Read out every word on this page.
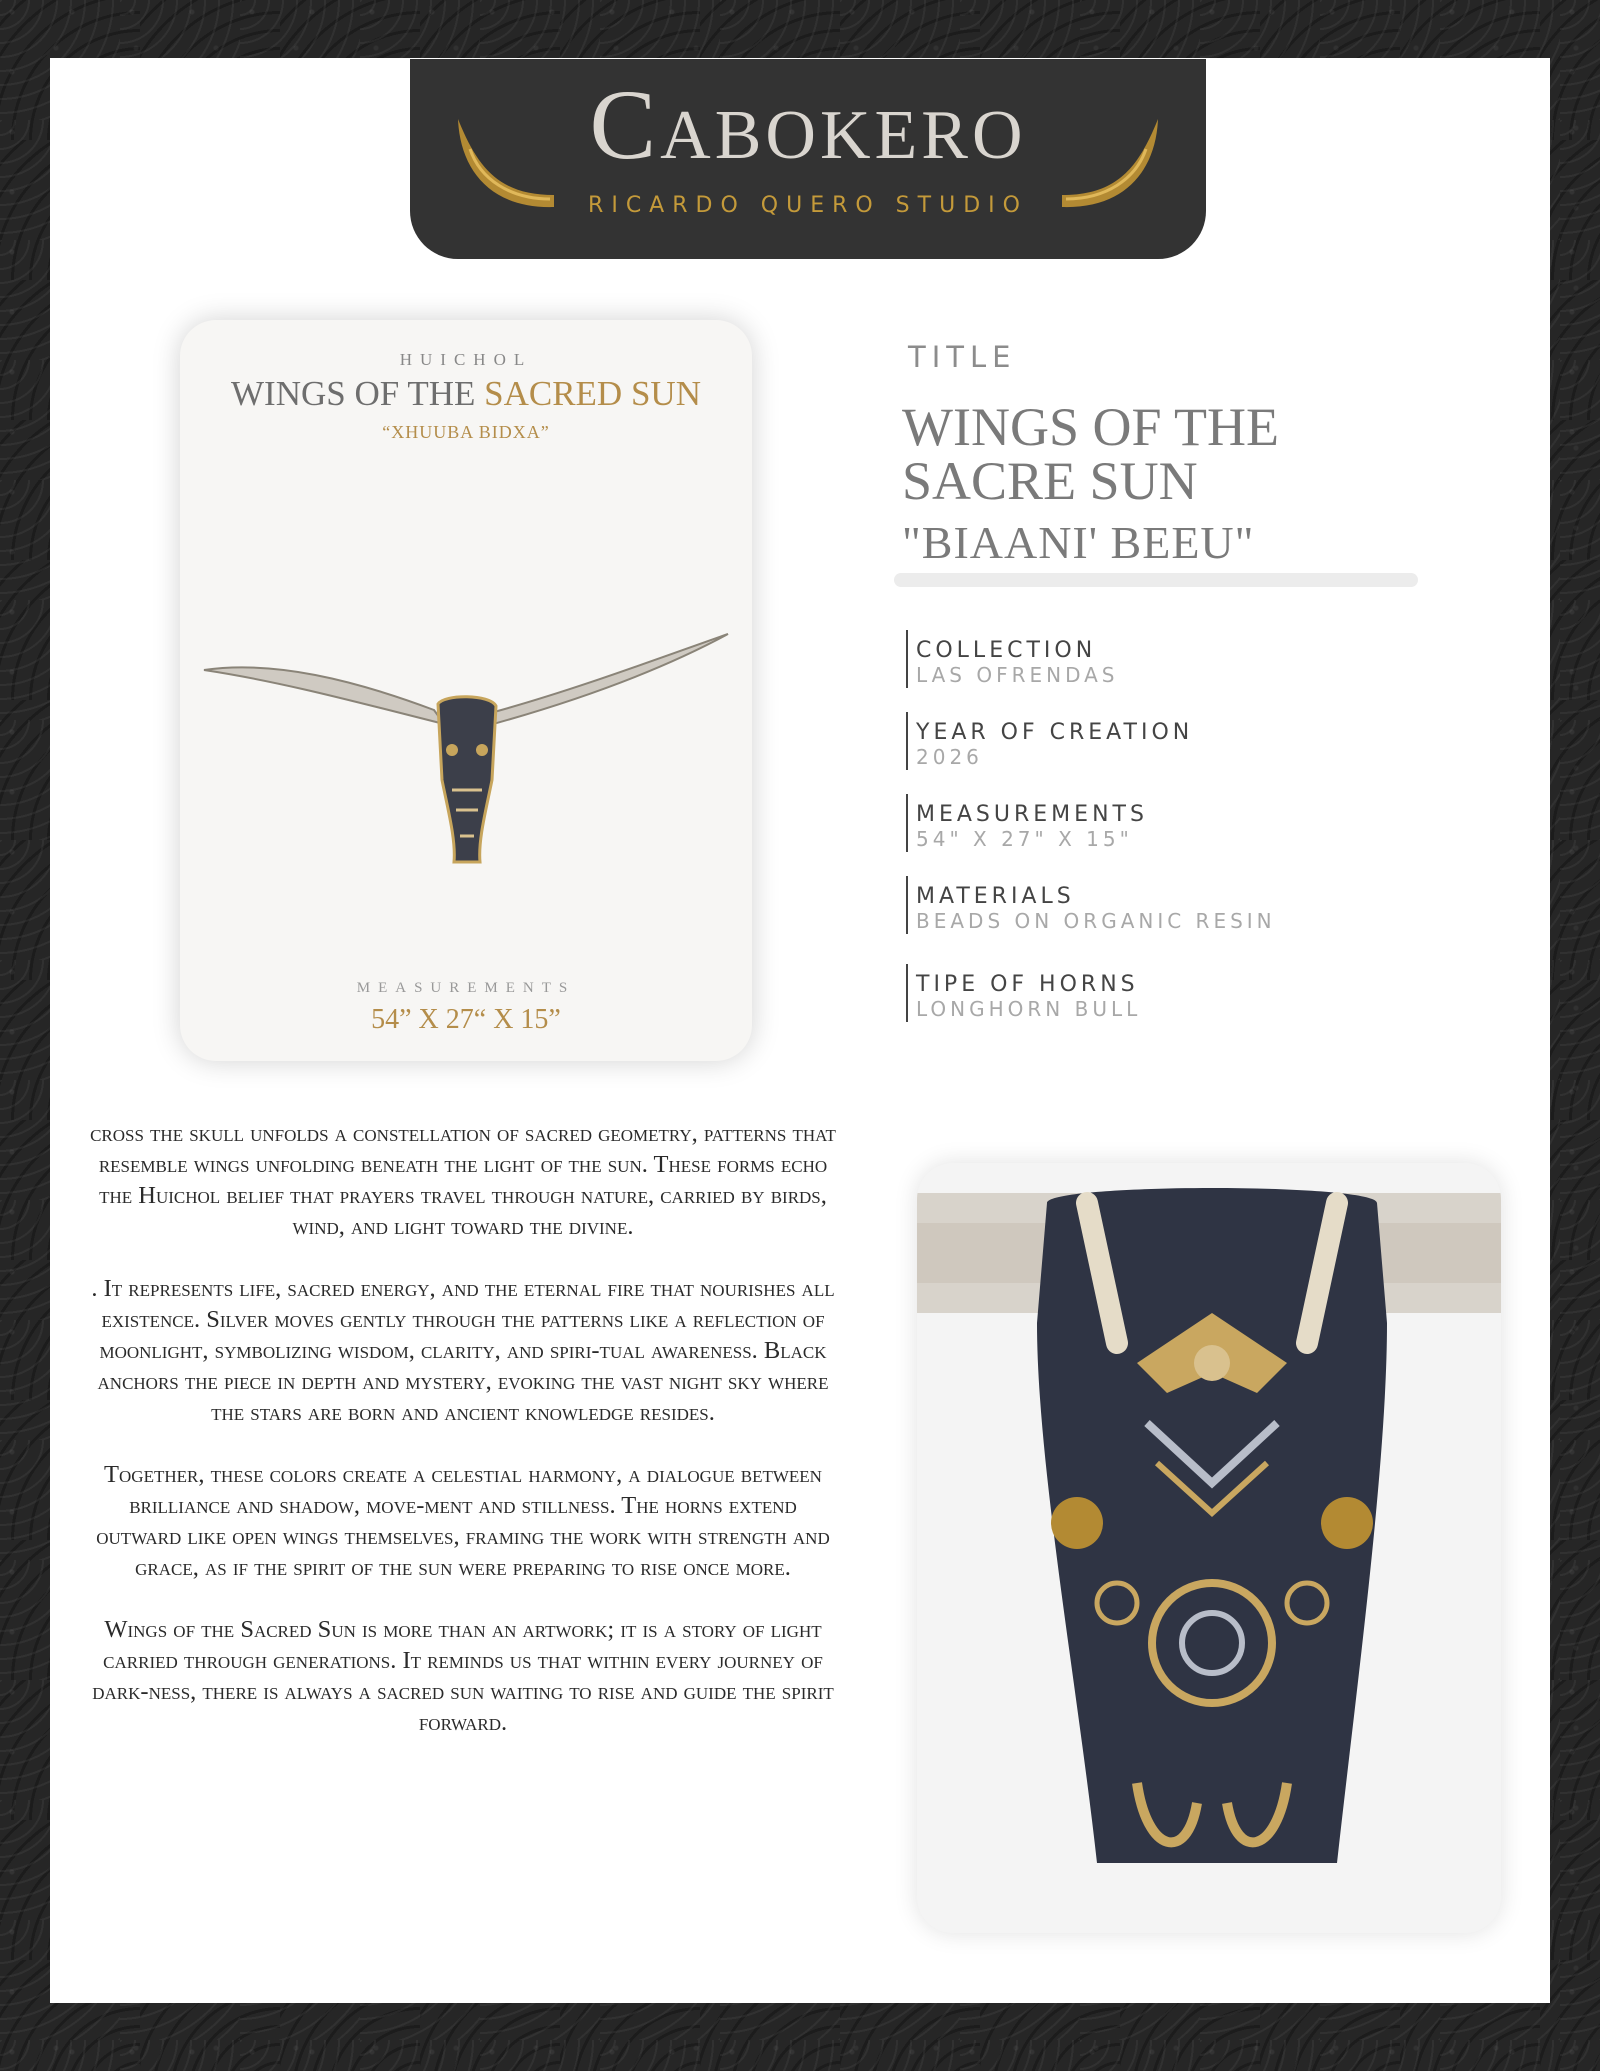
Cabokero
RICARDO QUERO STUDIO
HUICHOL
WINGS OF THE SACRED SUN
“XHUUBA BIDXA”
MEASUREMENTS
54” X 27“ X 15”
TITLE
WINGS OF THE
SACRE SUN
"BIAANI' BEEU"
COLLECTION
LAS OFRENDAS
YEAR OF CREATION
2026
MEASUREMENTS
54" X 27" X 15"
MATERIALS
BEADS ON ORGANIC RESIN
TIPE OF HORNS
LONGHORN BULL

cross the skull unfolds a constellation of sacred geometry, patterns that resemble wings unfolding beneath the light of the sun. These forms echo the Huichol belief that prayers travel through nature, carried by birds, wind, and light toward the divine.

. It represents life, sacred energy, and the eternal fire that nourishes all existence. Silver moves gently through the patterns like a reflection of moonlight, symbolizing wisdom, clarity, and spiri-tual awareness. Black anchors the piece in depth and mystery, evoking the vast night sky where the stars are born and ancient knowledge resides.

Together, these colors create a celestial harmony, a dialogue between brilliance and shadow, move-ment and stillness. The horns extend outward like open wings themselves, framing the work with strength and grace, as if the spirit of the sun were preparing to rise once more.

Wings of the Sacred Sun is more than an artwork; it is a story of light carried through generations. It reminds us that within every journey of dark-ness, there is always a sacred sun waiting to rise and guide the spirit forward.
